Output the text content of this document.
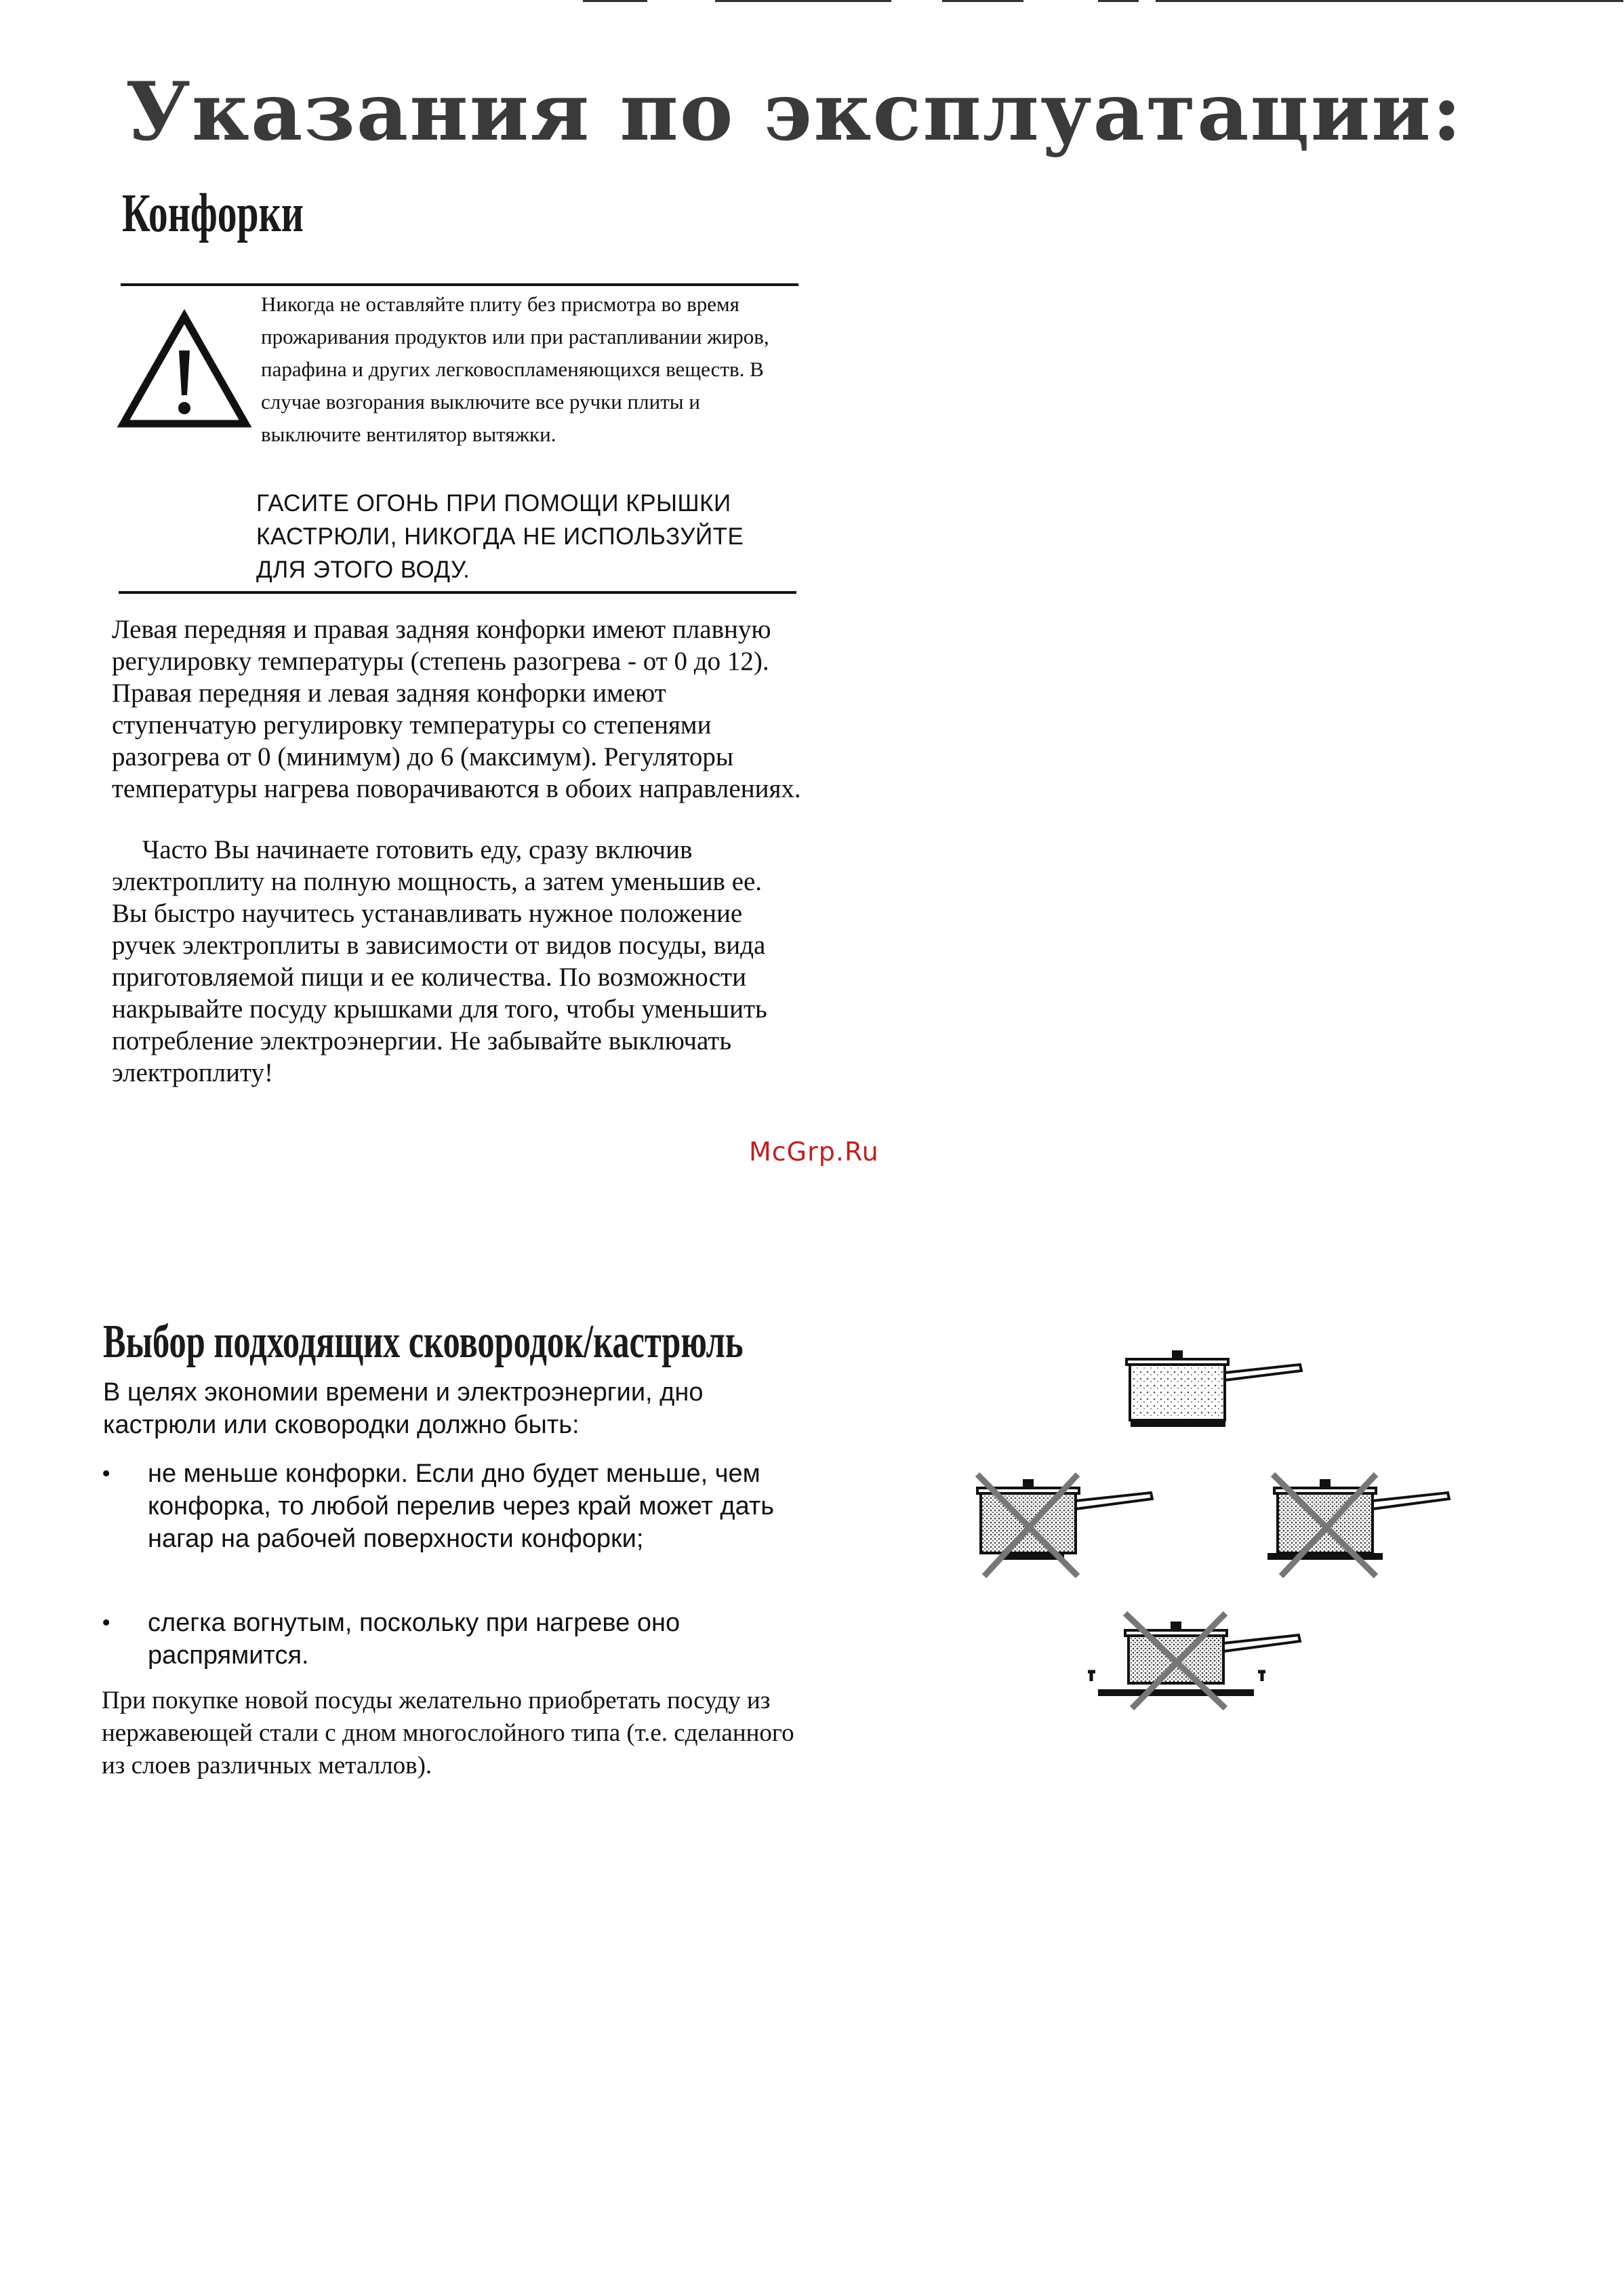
Указания по эксплуатации:
Конфорки
Никогда не оставляйте плиту без присмотра во время прожаривания продуктов или при растапливании жиров, парафина и других легковоспламеняющихся веществ. В случае возгорания выключите все ручки плиты и выключите вентилятор вытяжки.
ГАСИТЕ ОГОНЬ ПРИ ПОМОЩИ КРЫШКИ КАСТРЮЛИ, НИКОГДА НЕ ИСПОЛЬЗУЙТЕ ДЛЯ ЭТОГО ВОДУ.
Левая передняя и правая задняя конфорки имеют плавную регулировку температуры (степень разогрева - от 0 до 12). Правая передняя и левая задняя конфорки имеют ступенчатую регулировку температуры со степенями разогрева от 0 (минимум) до 6 (максимум). Регуляторы температуры нагрева поворачиваются в обоих направлениях.
Часто Вы начинаете готовить еду, сразу включив электроплиту на полную мощность, а затем уменьшив ее. Вы быстро научитесь устанавливать нужное положение ручек электроплиты в зависимости от видов посуды, вида приготовляемой пищи и ее количества. По возможности накрывайте посуду крышками для того, чтобы уменьшить потребление электроэнергии. Не забывайте выключать электроплиту!
McGrp.Ru
Выбор подходящих сковородок/кастрюль
В целях экономии времени и электроэнергии, дно кастрюли или сковородки должно быть:
• не меньше конфорки. Если дно будет меньше, чем конфорка, то любой перелив через край может дать нагар на рабочей поверхности конфорки;
• слегка вогнутым, поскольку при нагреве оно распрямится.
При покупке новой посуды желательно приобретать посуду из нержавеющей стали с дном многослойного типа (т.е. сделанного из слоев различных металлов).
